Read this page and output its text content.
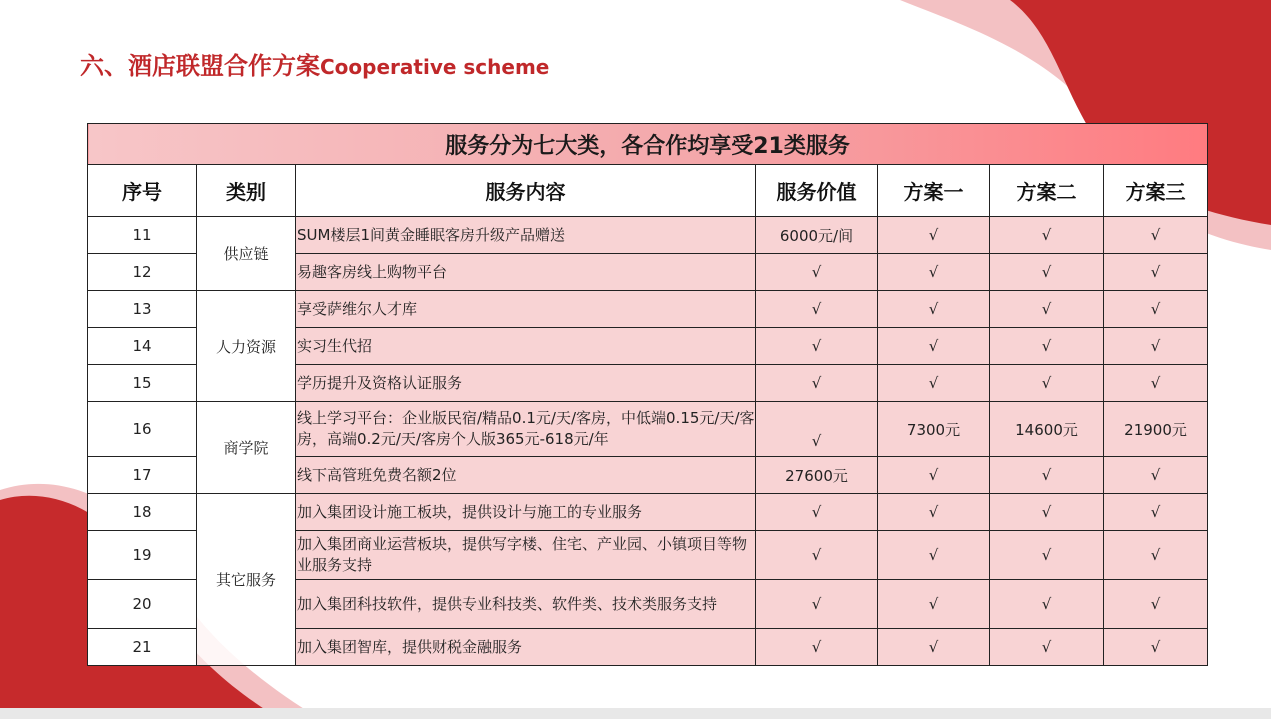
六、酒店联盟合作方案Cooperative scheme
服务分为七大类，各合作均享受21类服务						
序号	类别	服务内容	服务价值	方案一	方案二	方案三
11	供应链	SUM楼层1间黄金睡眠客房升级产品赠送	6000元/间	√	√	√
12		易趣客房线上购物平台	√	√	√	√
13	人力资源	享受萨维尔人才库	√	√	√	√
14		实习生代招	√	√	√	√
15		学历提升及资格认证服务	√	√	√	√
16	商学院	线上学习平台：企业版民宿/精品0.1元/天/客房，中低端0.15元/天/客房，高端0.2元/天/客房个人版365元-618元/年	√	7300元	14600元	21900元
17		线下高管班免费名额2位	27600元	√	√	√
18	其它服务	加入集团设计施工板块，提供设计与施工的专业服务	√	√	√	√
19		加入集团商业运营板块，提供写字楼、住宅、产业园、小镇项目等物业服务支持	√	√	√	√
20		加入集团科技软件，提供专业科技类、软件类、技术类服务支持	√	√	√	√
21		加入集团智库，提供财税金融服务	√	√	√	√
